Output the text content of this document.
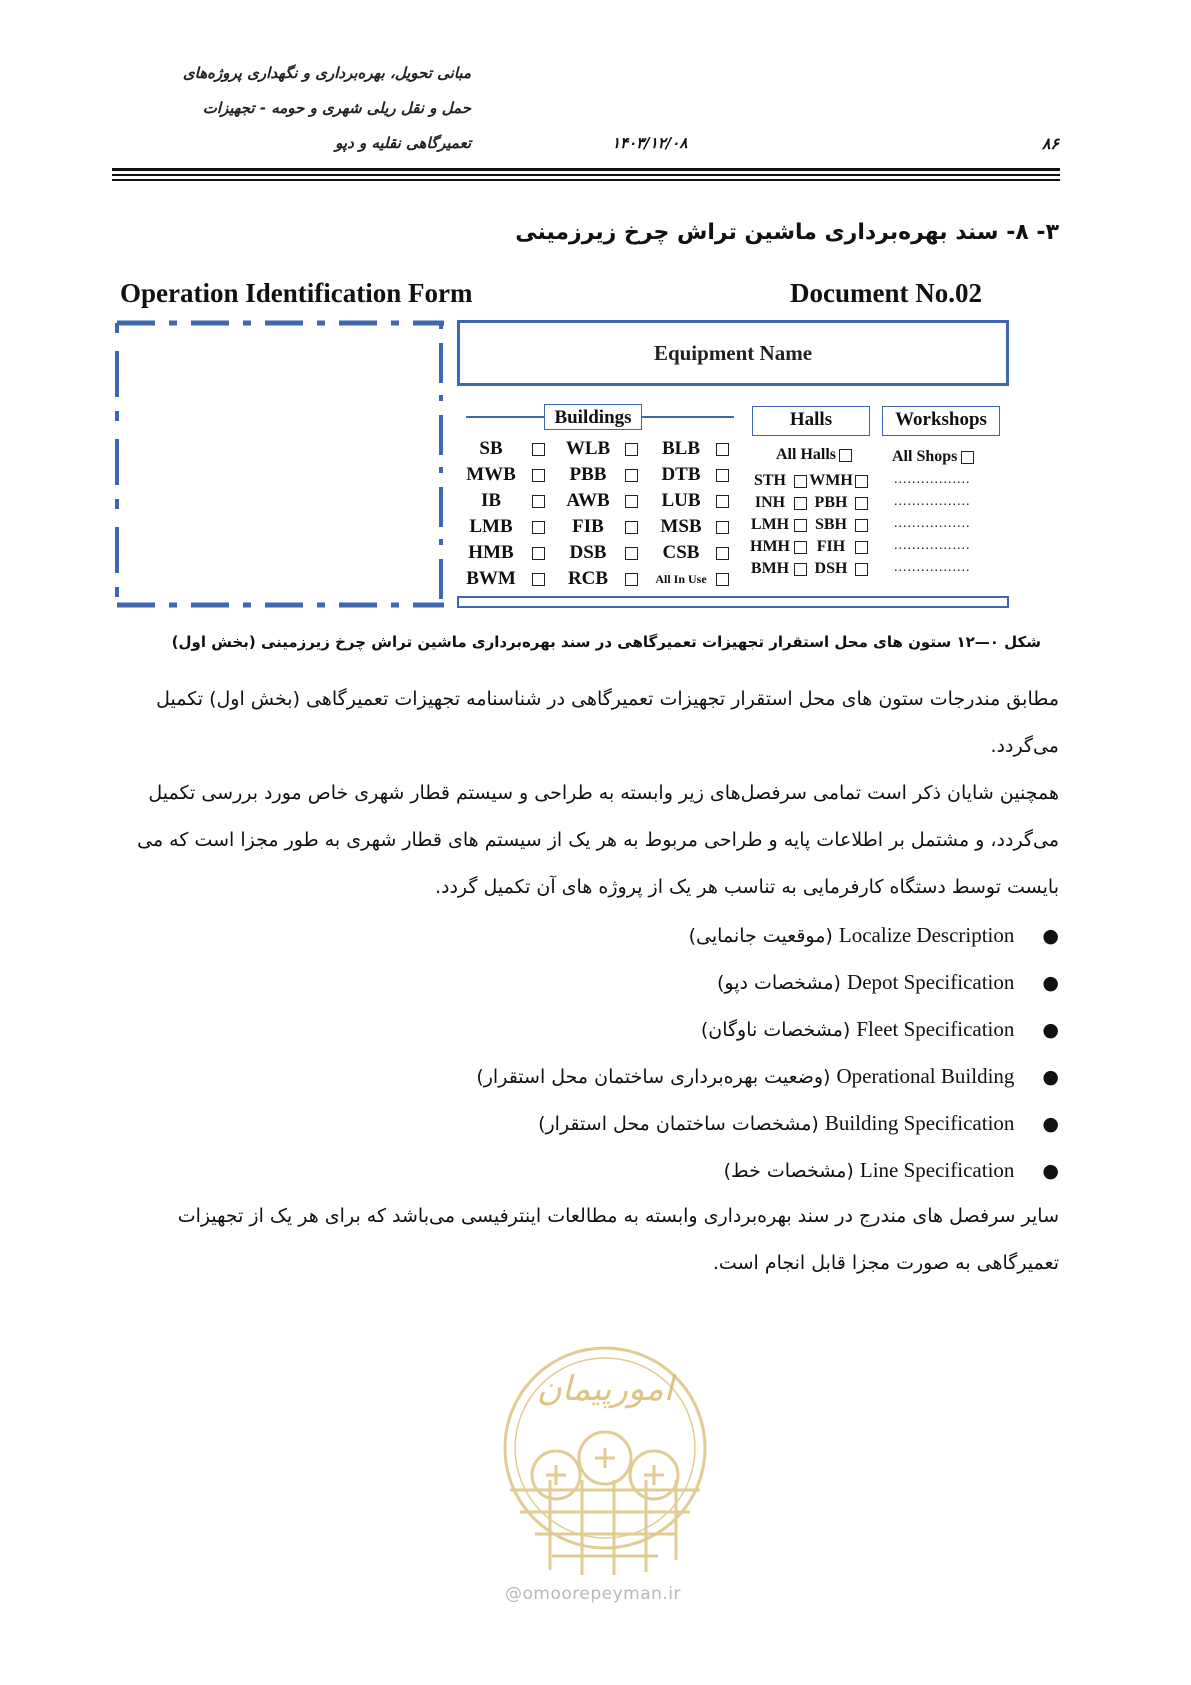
مبانی تحویل، بهره‌برداری و نگهداری پروژه‌های
حمل و نقل ریلی شهری و حومه - تجهیزات
تعمیرگاهی نقلیه و دپو	۱۴۰۳/۱۲/۰۸	۸۶
۳- ۸- سند بهره‌برداری ماشین تراش چرخ زیرزمینی
Operation Identification Form	Document No.02
Equipment Name
Buildings
SB	WLB	BLB
MWB	PBB	DTB
IB	AWB	LUB
LMB	FIB	MSB
HMB	DSB	CSB
BWM	RCB	All In Use
Halls
All Halls
STH WMH
INH	PBH
LMH	SBH
HMH	FIH
BMH	DSH
Workshops
All Shops
.................
.................
.................
.................
.................
شکل ۰—۱۲ ستون های محل استقرار تجهیزات تعمیرگاهی در سند بهره‌برداری ماشین تراش چرخ زیرزمینی (بخش اول)
مطابق مندرجات ستون های محل استقرار تجهیزات تعمیرگاهی در شناسنامه تجهیزات تعمیرگاهی (بخش اول) تکمیل
می‌گردد.
همچنین شایان ذکر است تمامی سرفصل‌های زیر وابسته به طراحی و سیستم قطار شهری خاص مورد بررسی تکمیل
می‌گردد، و مشتمل بر اطلاعات پایه و طراحی مربوط به هر یک از سیستم های قطار شهری به طور مجزا است که می
بایست توسط دستگاه کارفرمایی به تناسب هر یک از پروژه های آن تکمیل گردد.
●Localize Description (موقعیت جانمایی)
●Depot Specification (مشخصات دپو)
●Fleet Specification (مشخصات ناوگان)
●Operational Building (وضعیت بهره‌برداری ساختمان محل استقرار)
●Building Specification (مشخصات ساختمان محل استقرار)
●Line Specification (مشخصات خط)
سایر سرفصل های مندرج در سند بهره‌برداری وابسته به مطالعات اینترفیسی می‌باشد که برای هر یک از تجهیزات
تعمیرگاهی به صورت مجزا قابل انجام است.
امورپیمان
@omoorepeyman.ir
